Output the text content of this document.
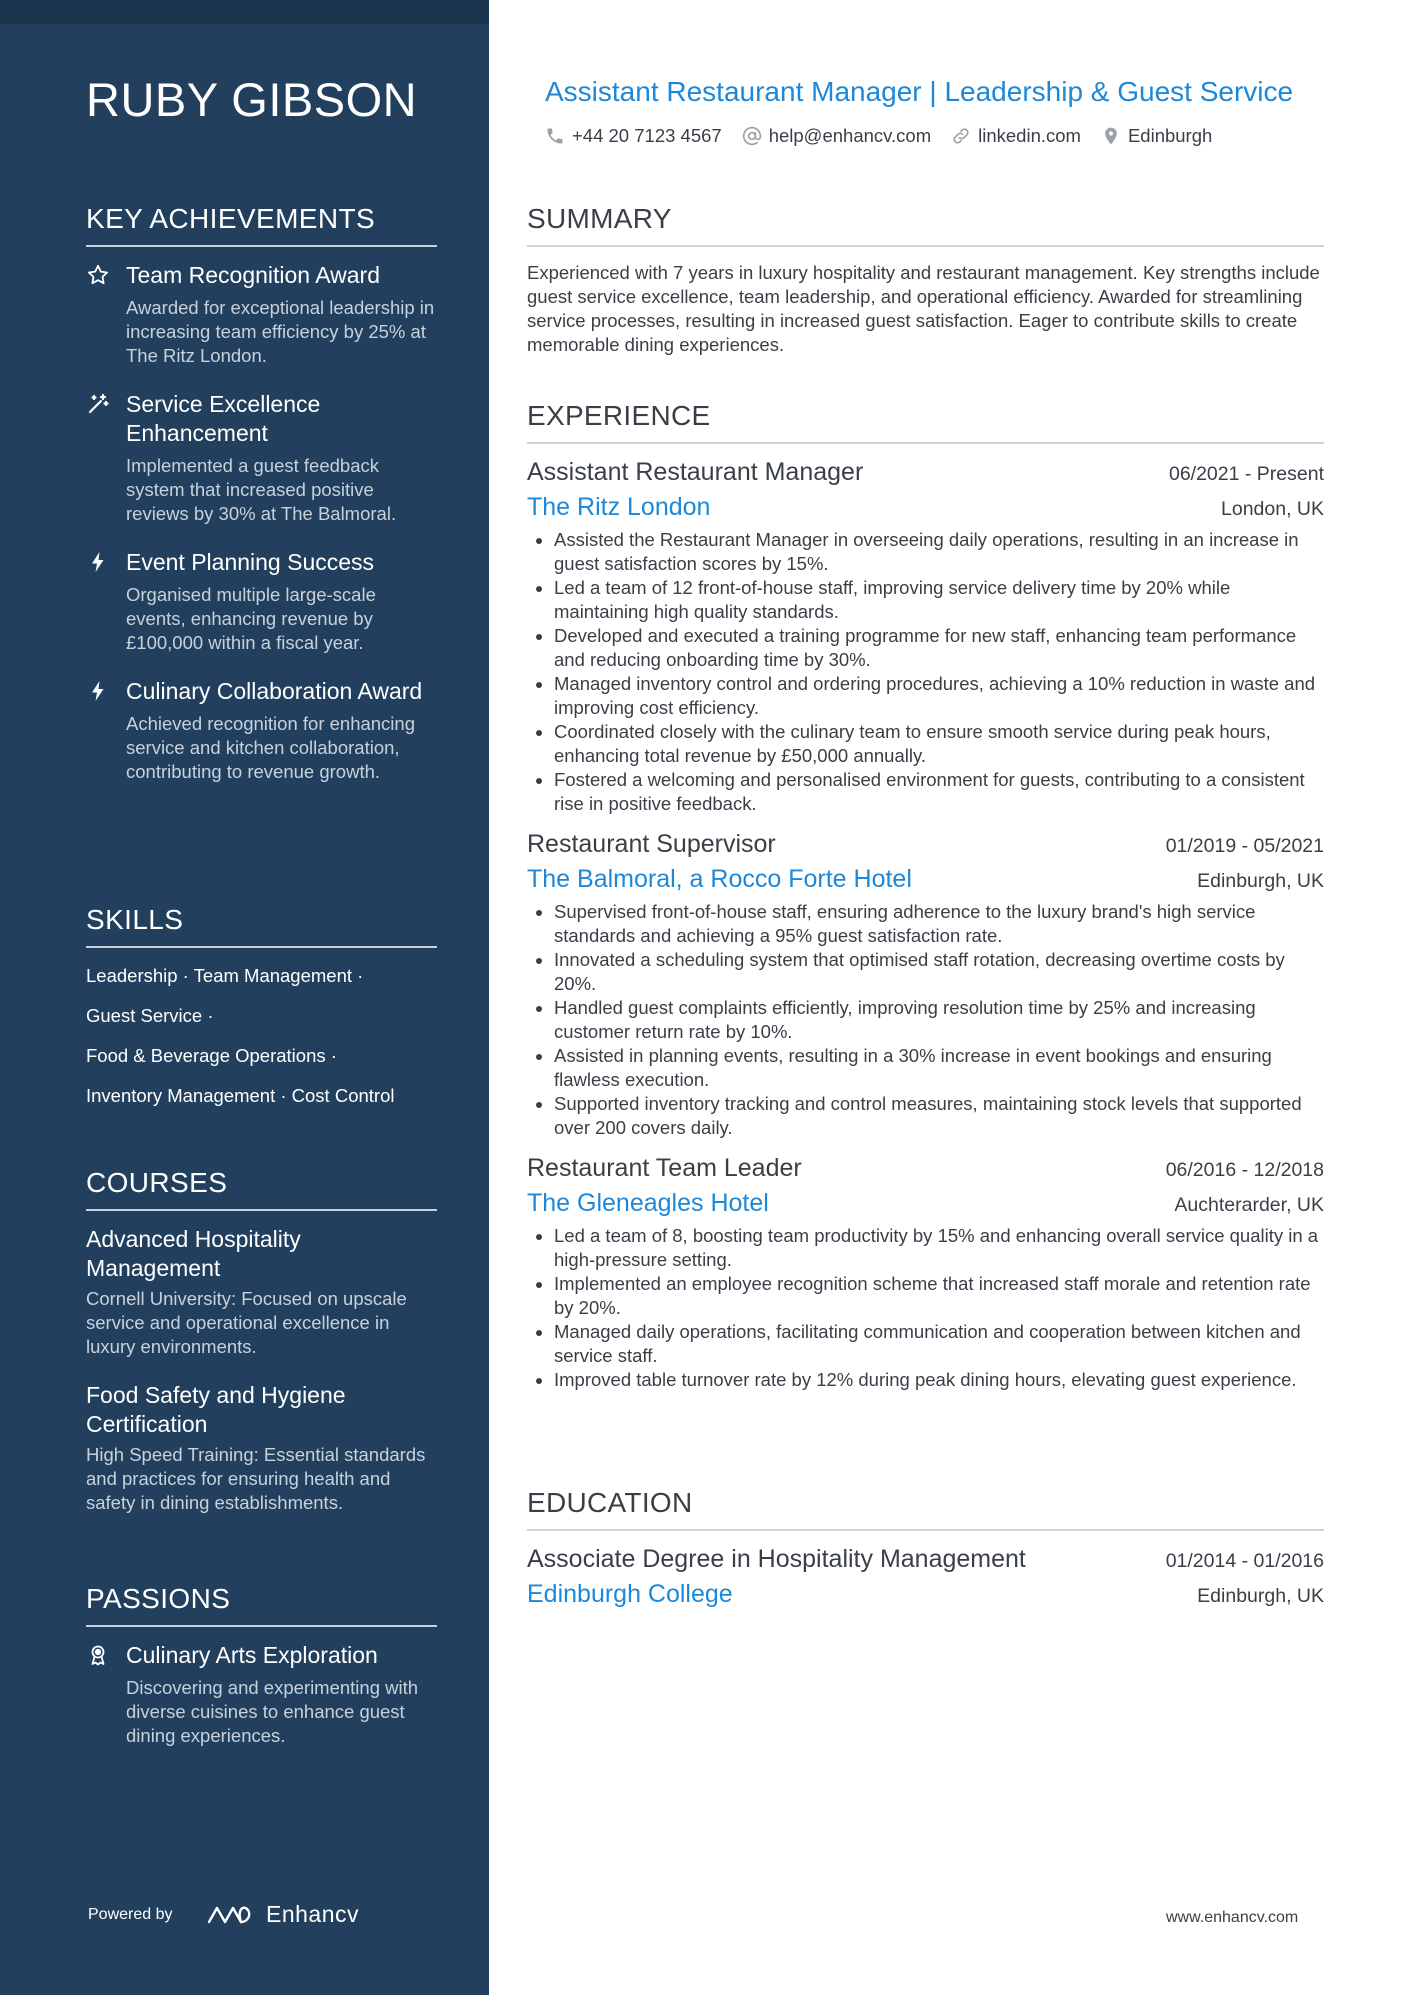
RUBY GIBSON
KEY ACHIEVEMENTS
Team Recognition Award
Awarded for exceptional leadership in increasing team efficiency by 25% at The Ritz London.
Service Excellence Enhancement
Implemented a guest feedback system that increased positive reviews by 30% at The Balmoral.
Event Planning Success
Organised multiple large-scale events, enhancing revenue by £100,000 within a fiscal year.
Culinary Collaboration Award
Achieved recognition for enhancing service and kitchen collaboration, contributing to revenue growth.
SKILLS
Leadership · Team Management ·
Guest Service ·
Food & Beverage Operations ·
Inventory Management · Cost Control
COURSES
Advanced Hospitality Management
Cornell University: Focused on upscale service and operational excellence in luxury environments.
Food Safety and Hygiene Certification
High Speed Training: Essential standards and practices for ensuring health and safety in dining establishments.
PASSIONS
Culinary Arts Exploration
Discovering and experimenting with diverse cuisines to enhance guest dining experiences.
Powered by	Enhancv
Assistant Restaurant Manager | Leadership & Guest Service
+44 20 7123 4567	help@enhancv.com	linkedin.com	Edinburgh
SUMMARY

Experienced with 7 years in luxury hospitality and restaurant management. Key strengths include guest service excellence, team leadership, and operational efficiency. Awarded for streamlining service processes, resulting in increased guest satisfaction. Eager to contribute skills to create memorable dining experiences.

EXPERIENCE
Assistant Restaurant Manager	06/2021 - Present
The Ritz London	London, UK
• Assisted the Restaurant Manager in overseeing daily operations, resulting in an increase in guest satisfaction scores by 15%.
• Led a team of 12 front-of-house staff, improving service delivery time by 20% while maintaining high quality standards.
• Developed and executed a training programme for new staff, enhancing team performance and reducing onboarding time by 30%.
• Managed inventory control and ordering procedures, achieving a 10% reduction in waste and improving cost efficiency.
• Coordinated closely with the culinary team to ensure smooth service during peak hours, enhancing total revenue by £50,000 annually.
• Fostered a welcoming and personalised environment for guests, contributing to a consistent rise in positive feedback.
Restaurant Supervisor	01/2019 - 05/2021
The Balmoral, a Rocco Forte Hotel	Edinburgh, UK
• Supervised front-of-house staff, ensuring adherence to the luxury brand's high service standards and achieving a 95% guest satisfaction rate.
• Innovated a scheduling system that optimised staff rotation, decreasing overtime costs by 20%.
• Handled guest complaints efficiently, improving resolution time by 25% and increasing customer return rate by 10%.
• Assisted in planning events, resulting in a 30% increase in event bookings and ensuring flawless execution.
• Supported inventory tracking and control measures, maintaining stock levels that supported over 200 covers daily.
Restaurant Team Leader	06/2016 - 12/2018
The Gleneagles Hotel	Auchterarder, UK
• Led a team of 8, boosting team productivity by 15% and enhancing overall service quality in a high-pressure setting.
• Implemented an employee recognition scheme that increased staff morale and retention rate by 20%.
• Managed daily operations, facilitating communication and cooperation between kitchen and service staff.
• Improved table turnover rate by 12% during peak dining hours, elevating guest experience.
EDUCATION
Associate Degree in Hospitality Management	01/2014 - 01/2016
Edinburgh College	Edinburgh, UK
www.enhancv.com
